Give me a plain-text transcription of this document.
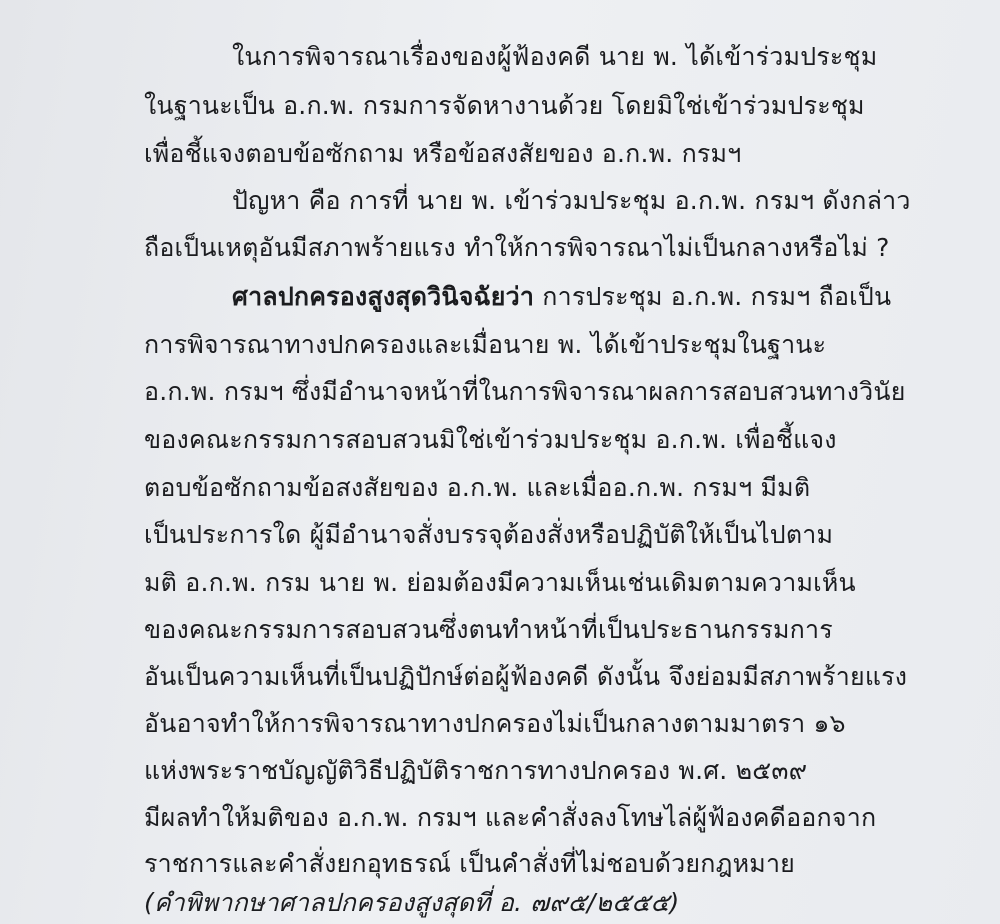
ในการพิจารณาเรื่องของผู้ฟ้องคดี นาย พ. ได้เข้าร่วมประชุม
ในฐานะเป็น อ.ก.พ. กรมการจัดหางานด้วย โดยมิใช่เข้าร่วมประชุม
เพื่อชี้แจงตอบข้อซักถาม หรือข้อสงสัยของ อ.ก.พ. กรมฯ
ปัญหา คือ การที่ นาย พ. เข้าร่วมประชุม อ.ก.พ. กรมฯ ดังกล่าว
ถือเป็นเหตุอันมีสภาพร้ายแรง ทำให้การพิจารณาไม่เป็นกลางหรือไม่ ?
ศาลปกครองสูงสุดวินิจฉัยว่า การประชุม อ.ก.พ. กรมฯ ถือเป็น
การพิจารณาทางปกครองและเมื่อนาย พ. ได้เข้าประชุมในฐานะ
อ.ก.พ. กรมฯ ซึ่งมีอำนาจหน้าที่ในการพิจารณาผลการสอบสวนทางวินัย
ของคณะกรรมการสอบสวนมิใช่เข้าร่วมประชุม อ.ก.พ. เพื่อชี้แจง
ตอบข้อซักถามข้อสงสัยของ อ.ก.พ. และเมื่ออ.ก.พ. กรมฯ มีมติ
เป็นประการใด ผู้มีอำนาจสั่งบรรจุต้องสั่งหรือปฏิบัติให้เป็นไปตาม
มติ อ.ก.พ. กรม นาย พ. ย่อมต้องมีความเห็นเช่นเดิมตามความเห็น
ของคณะกรรมการสอบสวนซึ่งตนทำหน้าที่เป็นประธานกรรมการ
อันเป็นความเห็นที่เป็นปฏิปักษ์ต่อผู้ฟ้องคดี ดังนั้น จึงย่อมมีสภาพร้ายแรง
อันอาจทำให้การพิจารณาทางปกครองไม่เป็นกลางตามมาตรา ๑๖
แห่งพระราชบัญญัติวิธีปฏิบัติราชการทางปกครอง พ.ศ. ๒๕๓๙
มีผลทำให้มติของ อ.ก.พ. กรมฯ และคำสั่งลงโทษไล่ผู้ฟ้องคดีออกจาก
ราชการและคำสั่งยกอุทธรณ์ เป็นคำสั่งที่ไม่ชอบด้วยกฎหมาย
(คำพิพากษาศาลปกครองสูงสุดที่ อ. ๗๙๕/๒๕๕๕)
